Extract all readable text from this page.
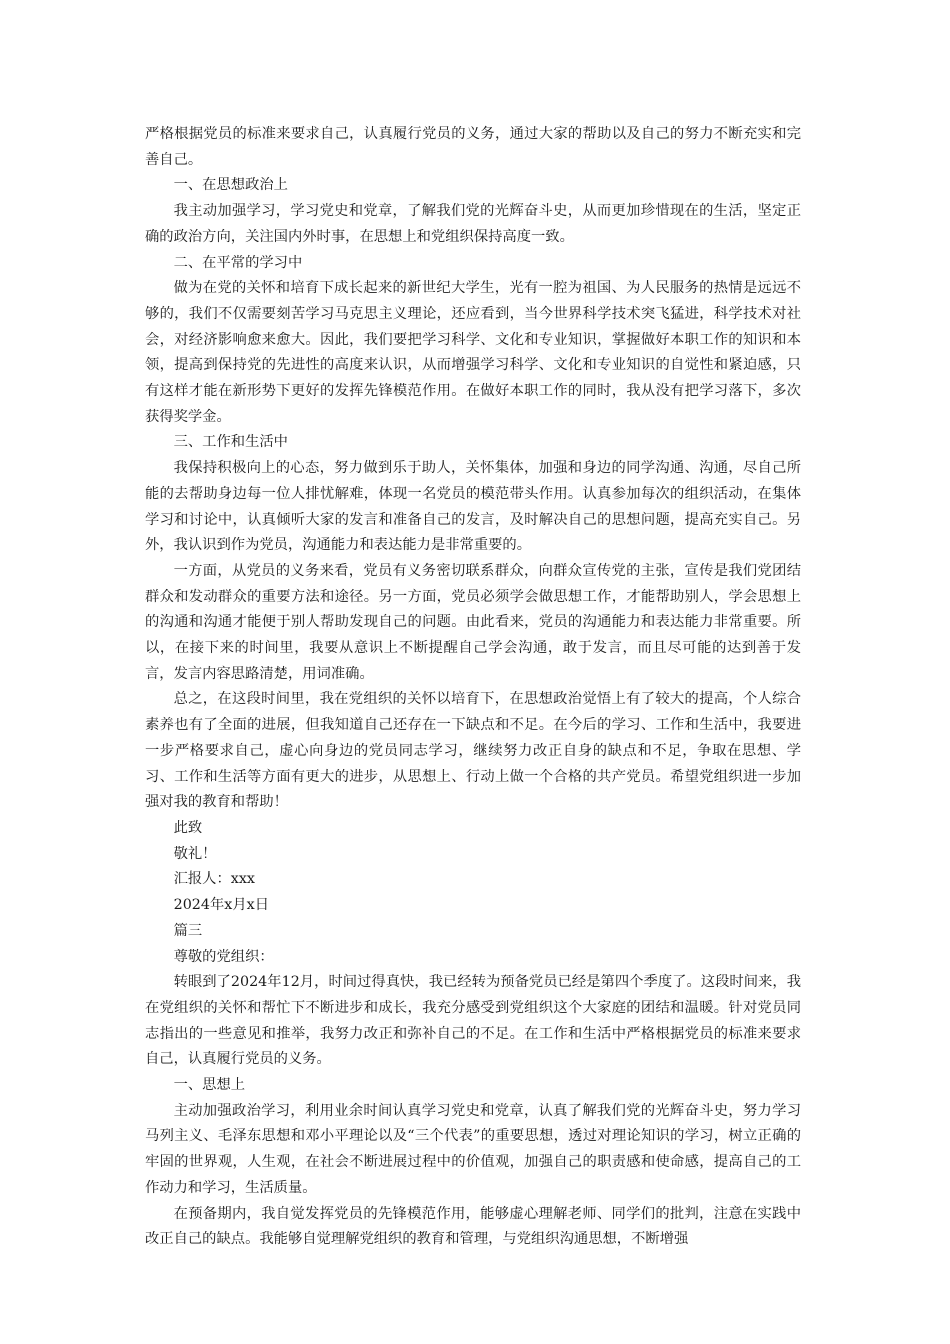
严格根据党员的标准来要求自己，认真履行党员的义务，通过大家的帮助以及自己的努力不断充实和完善自己。

一、在思想政治上

我主动加强学习，学习党史和党章，了解我们党的光辉奋斗史，从而更加珍惜现在的生活，坚定正确的政治方向，关注国内外时事，在思想上和党组织保持高度一致。

二、在平常的学习中

做为在党的关怀和培育下成长起来的新世纪大学生，光有一腔为祖国、为人民服务的热情是远远不够的，我们不仅需要刻苦学习马克思主义理论，还应看到，当今世界科学技术突飞猛进，科学技术对社会，对经济影响愈来愈大。因此，我们要把学习科学、文化和专业知识，掌握做好本职工作的知识和本领，提高到保持党的先进性的高度来认识，从而增强学习科学、文化和专业知识的自觉性和紧迫感，只有这样才能在新形势下更好的发挥先锋模范作用。在做好本职工作的同时，我从没有把学习落下，多次获得奖学金。

三、工作和生活中

我保持积极向上的心态，努力做到乐于助人，关怀集体，加强和身边的同学沟通、沟通，尽自己所能的去帮助身边每一位人排忧解难，体现一名党员的模范带头作用。认真参加每次的组织活动，在集体学习和讨论中，认真倾听大家的发言和准备自己的发言，及时解决自己的思想问题，提高充实自己。另外，我认识到作为党员，沟通能力和表达能力是非常重要的。

一方面，从党员的义务来看，党员有义务密切联系群众，向群众宣传党的主张，宣传是我们党团结群众和发动群众的重要方法和途径。另一方面，党员必须学会做思想工作，才能帮助别人，学会思想上的沟通和沟通才能便于别人帮助发现自己的问题。由此看来，党员的沟通能力和表达能力非常重要。所以，在接下来的时间里，我要从意识上不断提醒自己学会沟通，敢于发言，而且尽可能的达到善于发言，发言内容思路清楚，用词准确。

总之，在这段时间里，我在党组织的关怀以培育下，在思想政治觉悟上有了较大的提高，个人综合素养也有了全面的进展，但我知道自己还存在一下缺点和不足。在今后的学习、工作和生活中，我要进一步严格要求自己，虚心向身边的党员同志学习，继续努力改正自身的缺点和不足，争取在思想、学习、工作和生活等方面有更大的进步，从思想上、行动上做一个合格的共产党员。希望党组织进一步加强对我的教育和帮助！

此致

敬礼！

汇报人：xxx

2024年x月x日

篇三

尊敬的党组织：

转眼到了2024年12月，时间过得真快，我已经转为预备党员已经是第四个季度了。这段时间来，我在党组织的关怀和帮忙下不断进步和成长，我充分感受到党组织这个大家庭的团结和温暖。针对党员同志指出的一些意见和推举，我努力改正和弥补自己的不足。在工作和生活中严格根据党员的标准来要求自己，认真履行党员的义务。

一、思想上

主动加强政治学习，利用业余时间认真学习党史和党章，认真了解我们党的光辉奋斗史，努力学习马列主义、毛泽东思想和邓小平理论以及“三个代表”的重要思想，透过对理论知识的学习，树立正确的牢固的世界观，人生观，在社会不断进展过程中的价值观，加强自己的职责感和使命感，提高自己的工作动力和学习，生活质量。

在预备期内，我自觉发挥党员的先锋模范作用，能够虚心理解老师、同学们的批判，注意在实践中改正自己的缺点。我能够自觉理解党组织的教育和管理，与党组织沟通思想，不断增强
